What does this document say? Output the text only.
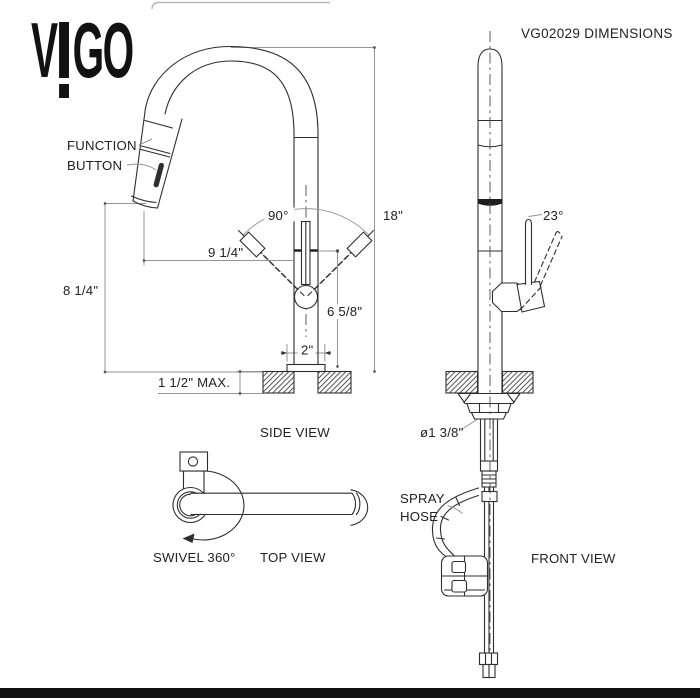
V GO
FUNCTION
BUTTON
90°	18"
9 1/4"
8 1/4"
6 5/8"
2"
1 1/2" MAX.
SIDE VIEW
SWIVEL 360° TOP VIEW
23°
ø1 3/8"
SPRAY
HOSE
FRONT VIEW
VG02029 DIMENSIONS
